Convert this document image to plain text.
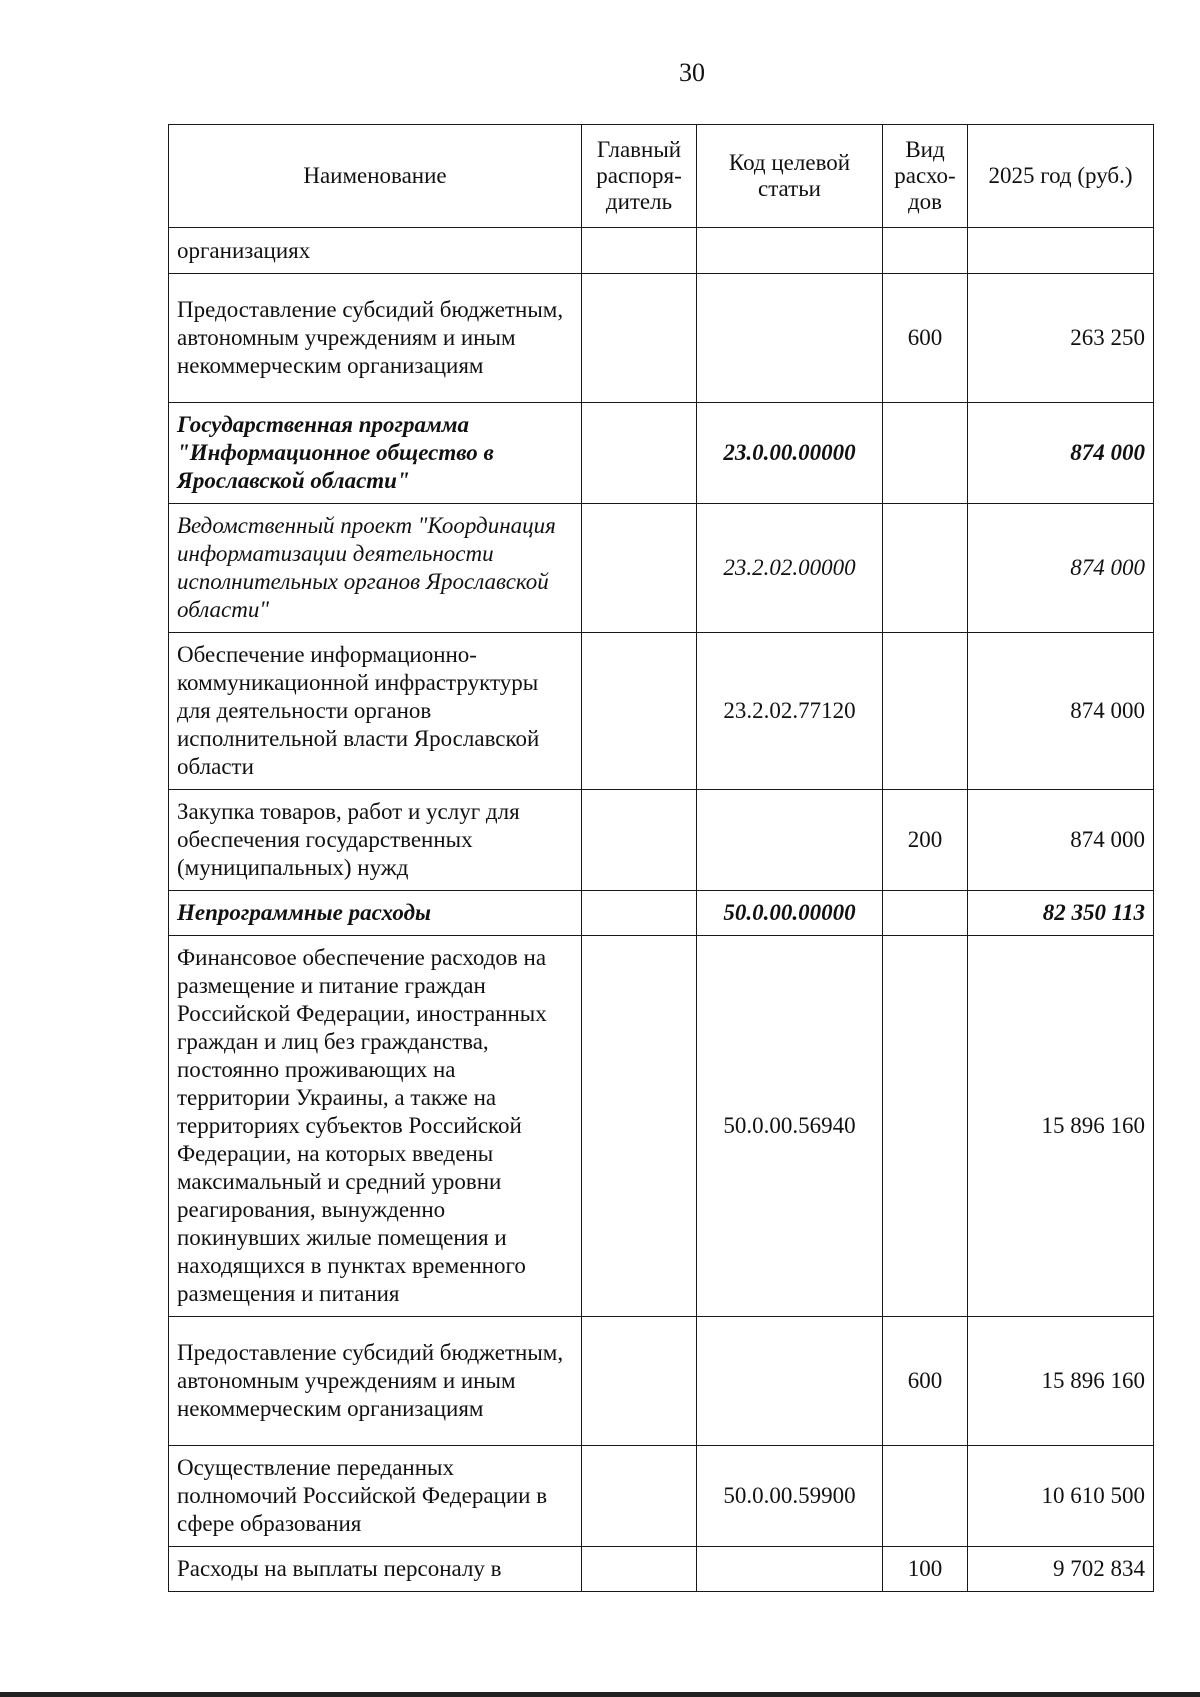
30
Наименование	Главный распоря-дитель	Код целевой статьи	Вид расхо-дов	2025 год (руб.)
организациях				
Предоставление субсидий бюджетным, автономным учреждениям и иным некоммерческим организациям			600	263 250
Государственная программа "Информационное общество в Ярославской области"		23.0.00.00000		874 000
Ведомственный проект "Координация информатизации деятельности исполнительных органов Ярославской области"		23.2.02.00000		874 000
Обеспечение информационно-коммуникационной инфраструктуры для деятельности органов исполнительной власти Ярославской области		23.2.02.77120		874 000
Закупка товаров, работ и услуг для обеспечения государственных (муниципальных) нужд			200	874 000
Непрограммные расходы		50.0.00.00000		82 350 113
Финансовое обеспечение расходов на размещение и питание граждан Российской Федерации, иностранных граждан и лиц без гражданства, постоянно проживающих на территории Украины, а также на территориях субъектов Российской Федерации, на которых введены максимальный и средний уровни реагирования, вынужденно покинувших жилые помещения и находящихся в пунктах временного размещения и питания		50.0.00.56940		15 896 160
Предоставление субсидий бюджетным, автономным учреждениям и иным некоммерческим организациям			600	15 896 160
Осуществление переданных полномочий Российской Федерации в сфере образования		50.0.00.59900		10 610 500
Расходы на выплаты персоналу в			100	9 702 834
